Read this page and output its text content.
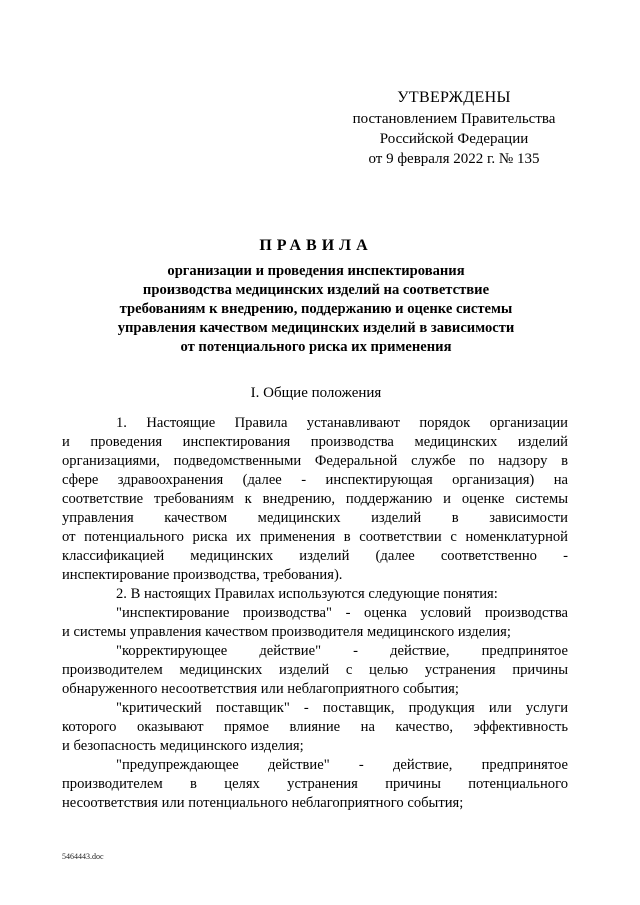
УТВЕРЖДЕНЫ
постановлением Правительства
Российской Федерации
от 9 февраля 2022 г. № 135
ПРАВИЛА
организации и проведения инспектирования
производства медицинских изделий на соответствие
требованиям к внедрению, поддержанию и оценке системы
управления качеством медицинских изделий в зависимости
от потенциального риска их применения
I. Общие положения
1. Настоящие Правила устанавливают порядок организации
и проведения инспектирования производства медицинских изделий
организациями, подведомственными Федеральной службе по надзору в
сфере здравоохранения (далее - инспектирующая организация) на
соответствие требованиям к внедрению, поддержанию и оценке системы
управления качеством медицинских изделий в зависимости
от потенциального риска их применения в соответствии с номенклатурной
классификацией медицинских изделий (далее соответственно -
инспектирование производства, требования).
2. В настоящих Правилах используются следующие понятия:
"инспектирование производства" - оценка условий производства
и системы управления качеством производителя медицинского изделия;
"корректирующее действие" - действие, предпринятое
производителем медицинских изделий с целью устранения причины
обнаруженного несоответствия или неблагоприятного события;
"критический поставщик" - поставщик, продукция или услуги
которого оказывают прямое влияние на качество, эффективность
и безопасность медицинского изделия;
"предупреждающее действие" - действие, предпринятое
производителем в целях устранения причины потенциального
несоответствия или потенциального неблагоприятного события;
5464443.doc
